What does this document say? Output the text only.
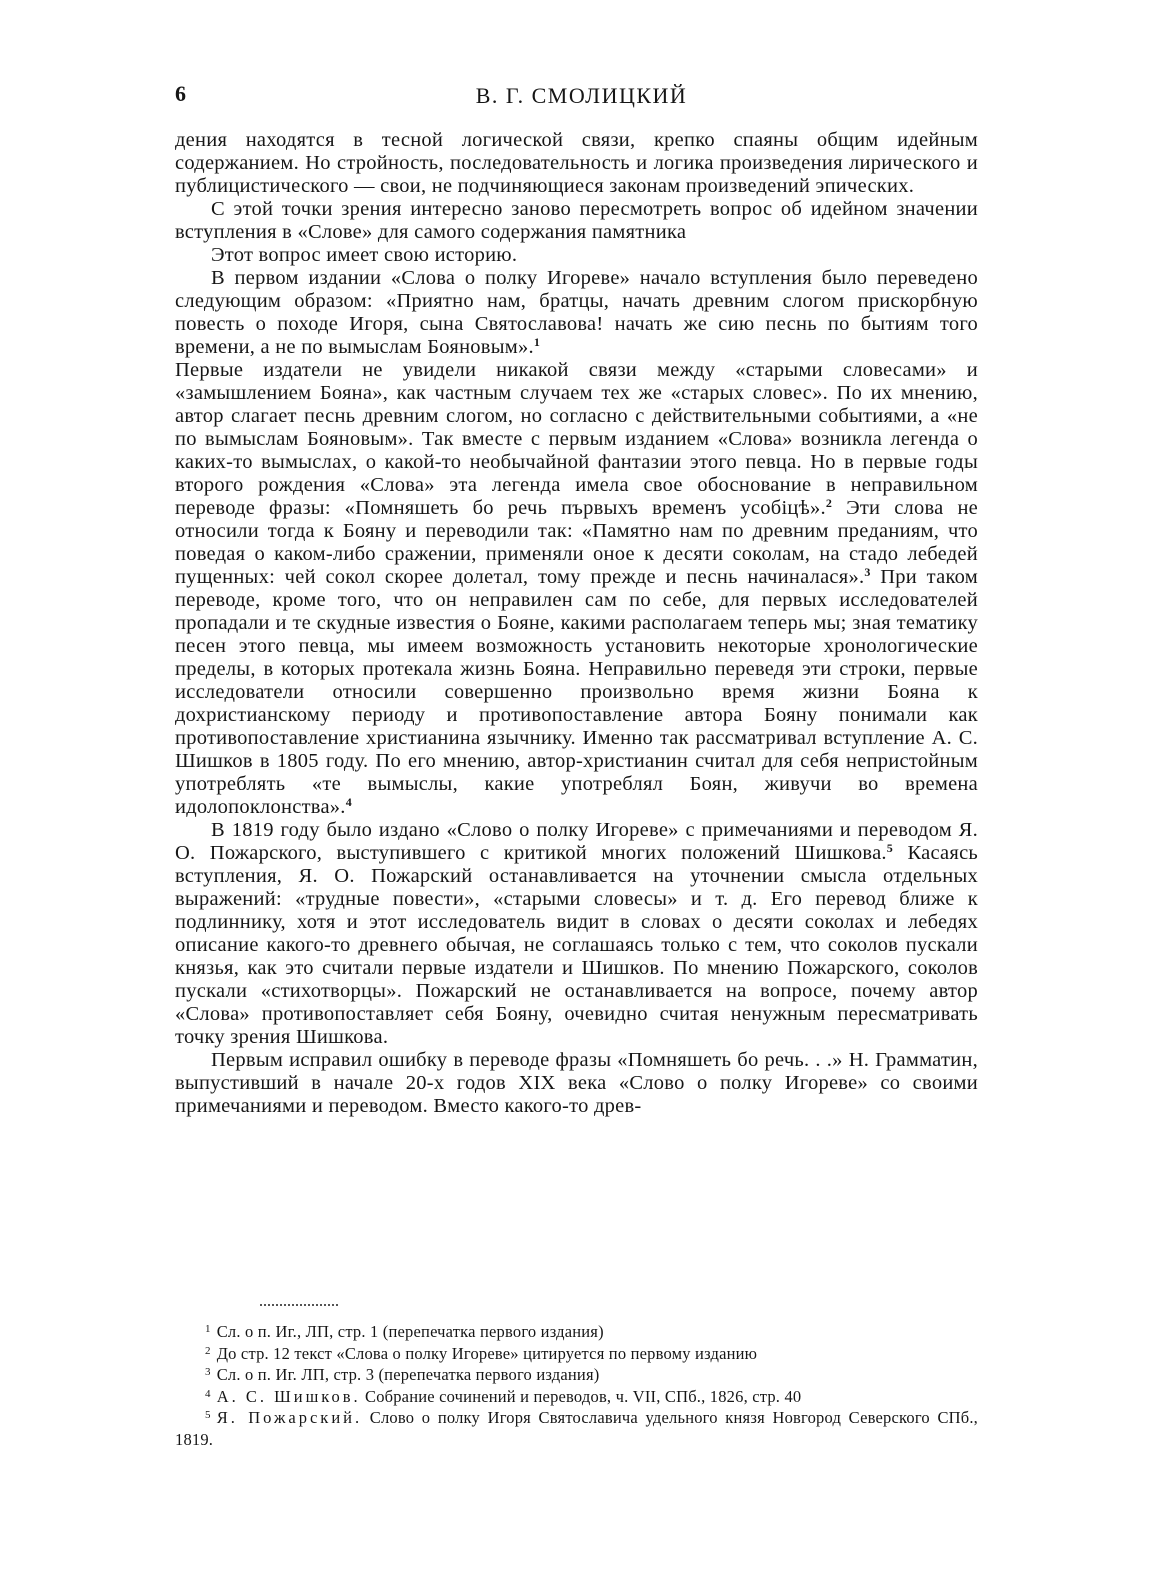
6	В. Г. СМОЛИЦКИЙ

дения находятся в тесной логической связи, крепко спаяны общим идейным содержанием. Но стройность, последовательность и логика произведения лирического и публицистического — свои, не подчиняющиеся законам произведений эпических.

С этой точки зрения интересно заново пересмотреть вопрос об идейном значении вступления в «Слове» для самого содержания памятника

Этот вопрос имеет свою историю.

В первом издании «Слова о полку Игореве» начало вступления было переведено следующим образом: «Приятно нам, братцы, начать древним слогом прискорбную повесть о походе Игоря, сына Святославова! начать же сию песнь по бытиям того времени, а не по вымыслам Бояновым».$^1$

Первые издатели не увидели никакой связи между «старыми словесами» и «замышлением Бояна», как частным случаем тех же «старых словес». По их мнению, автор слагает песнь древним слогом, но согласно с действительными событиями, а «не по вымыслам Бояновым». Так вместе с первым изданием «Слова» возникла легенда о каких-то вымыслах, о какой-то необычайной фантазии этого певца. Но в первые годы второго рождения «Слова» эта легенда имела свое обоснование в неправильном переводе фразы: «Помняшеть бо речь първыхъ временъ усобіцѣ».$^2$ Эти слова не относили тогда к Бояну и переводили так: «Памятно нам по древним преданиям, что поведая о каком-либо сражении, применяли оное к десяти соколам, на стадо лебедей пущенных: чей сокол скорее долетал, тому прежде и песнь начиналася».$^3$ При таком переводе, кроме того, что он неправилен сам по себе, для первых исследователей пропадали и те скудные известия о Бояне, какими располагаем теперь мы; зная тематику песен этого певца, мы имеем возможность установить некоторые хронологические пределы, в которых протекала жизнь Бояна. Неправильно переведя эти строки, первые исследователи относили совершенно произвольно время жизни Бояна к дохристианскому периоду и противопоставление автора Бояну понимали как противопоставление христианина язычнику. Именно так рассматривал вступление А. С. Шишков в 1805 году. По его мнению, автор-христианин считал для себя непристойным употреблять «те вымыслы, какие употреблял Боян, живучи во времена идолопоклонства».$^4$

В 1819 году было издано «Слово о полку Игореве» с примечаниями и переводом Я. О. Пожарского, выступившего с критикой многих положений Шишкова.$^5$ Касаясь вступления, Я. О. Пожарский останавливается на уточнении смысла отдельных выражений: «трудные повести», «старыми словесы» и т. д. Его перевод ближе к подлиннику, хотя и этот исследователь видит в словах о десяти соколах и лебедях описание какого-то древнего обычая, не соглашаясь только с тем, что соколов пускали князья, как это считали первые издатели и Шишков. По мнению Пожарского, соколов пускали «стихотворцы». Пожарский не останавливается на вопросе, почему автор «Слова» противопоставляет себя Бояну, очевидно считая ненужным пересматривать точку зрения Шишкова.

Первым исправил ошибку в переводе фразы «Помняшеть бо речь. . .» Н. Грамматин, выпустивший в начале 20-х годов XIX века «Слово о полку Игореве» со своими примечаниями и переводом. Вместо какого-то древ-

$^1$ Сл. о п. Иг., ЛП, стр. 1 (перепечатка первого издания)

$^2$ До стр. 12 текст «Слова о полку Игореве» цитируется по первому изданию

$^3$ Сл. о п. Иг. ЛП, стр. 3 (перепечатка первого издания)

$^4$ А. С. Шишков. Собрание сочинений и переводов, ч. VII, СПб., 1826, стр. 40

$^5$ Я. Пожарский. Слово о полку Игоря Святославича удельного князя Новгород Северского СПб., 1819.
